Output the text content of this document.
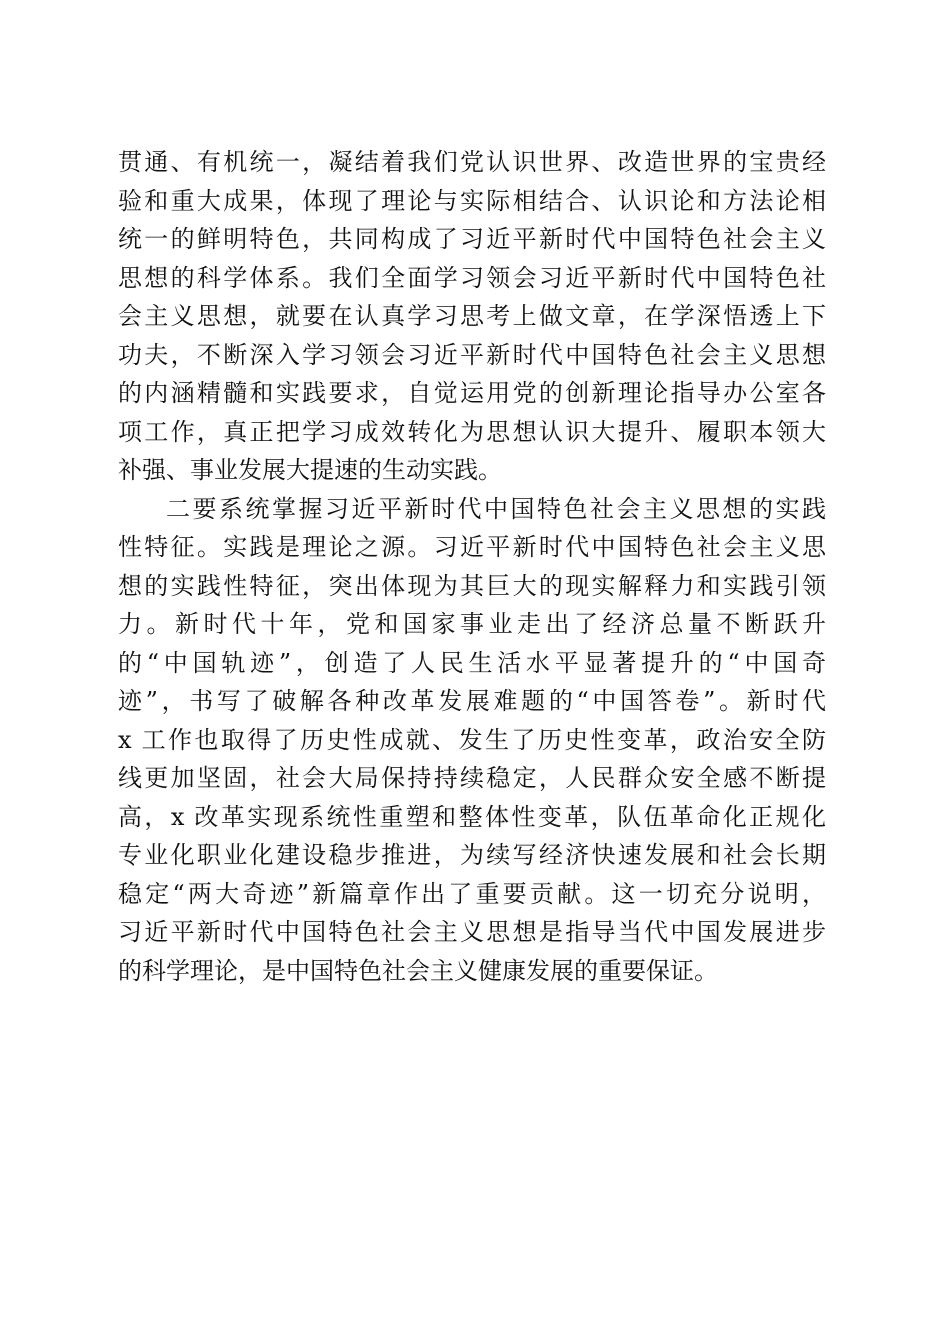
贯通、有机统一，凝结着我们党认识世界、改造世界的宝贵经
验和重大成果，体现了理论与实际相结合、认识论和方法论相
统一的鲜明特色，共同构成了习近平新时代中国特色社会主义
思想的科学体系。我们全面学习领会习近平新时代中国特色社
会主义思想，就要在认真学习思考上做文章，在学深悟透上下
功夫，不断深入学习领会习近平新时代中国特色社会主义思想
的内涵精髓和实践要求，自觉运用党的创新理论指导办公室各
项工作，真正把学习成效转化为思想认识大提升、履职本领大
补强、事业发展大提速的生动实践。
二要系统掌握习近平新时代中国特色社会主义思想的实践
性特征。实践是理论之源。习近平新时代中国特色社会主义思
想的实践性特征，突出体现为其巨大的现实解释力和实践引领
力。新时代十年，党和国家事业走出了经济总量不断跃升
的“中国轨迹”，创造了人民生活水平显著提升的“中国奇
迹”，书写了破解各种改革发展难题的“中国答卷”。新时代
x 工作也取得了历史性成就、发生了历史性变革，政治安全防
线更加坚固，社会大局保持持续稳定，人民群众安全感不断提
高，x 改革实现系统性重塑和整体性变革，队伍革命化正规化
专业化职业化建设稳步推进，为续写经济快速发展和社会长期
稳定“两大奇迹”新篇章作出了重要贡献。这一切充分说明，
习近平新时代中国特色社会主义思想是指导当代中国发展进步
的科学理论，是中国特色社会主义健康发展的重要保证。
